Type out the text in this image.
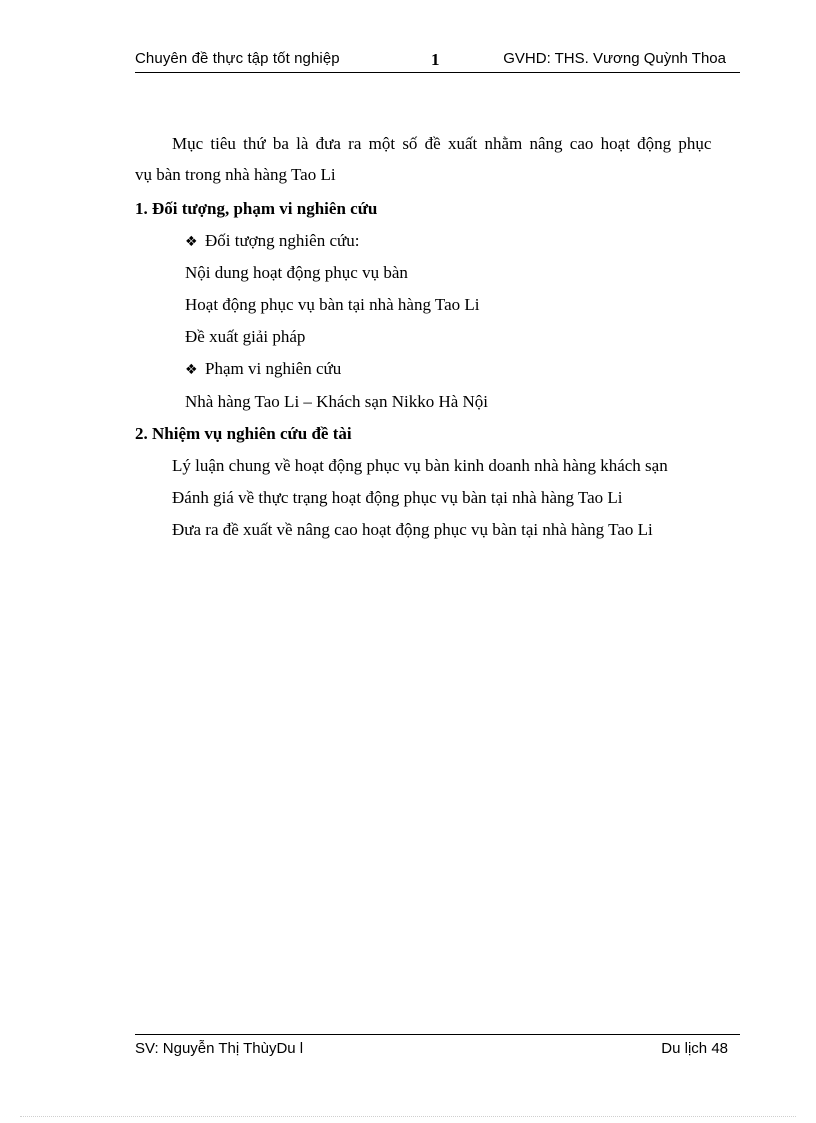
Chuyên đề thực tập tốt nghiệp	1	GVHD: THS. Vương Quỳnh Thoa
Mục tiêu thứ ba là đưa ra một số đề xuất nhằm nâng cao hoạt động phục
vụ bàn trong nhà hàng Tao Li
1. Đối tượng, phạm vi nghiên cứu
❖ Đối tượng nghiên cứu:
Nội dung hoạt động phục vụ bàn
Hoạt động phục vụ bàn tại nhà hàng Tao Li
Đề xuất giải pháp
❖ Phạm vi nghiên cứu
Nhà hàng Tao Li – Khách sạn Nikko Hà Nội
2. Nhiệm vụ nghiên cứu đề tài
Lý luận chung về hoạt động phục vụ bàn kinh doanh nhà hàng khách sạn
Đánh giá về thực trạng hoạt động phục vụ bàn tại nhà hàng Tao Li
Đưa ra đề xuất về nâng cao hoạt động phục vụ bàn tại nhà hàng Tao Li
SV: Nguyễn Thị ThùyDu l	Du lịch 48
